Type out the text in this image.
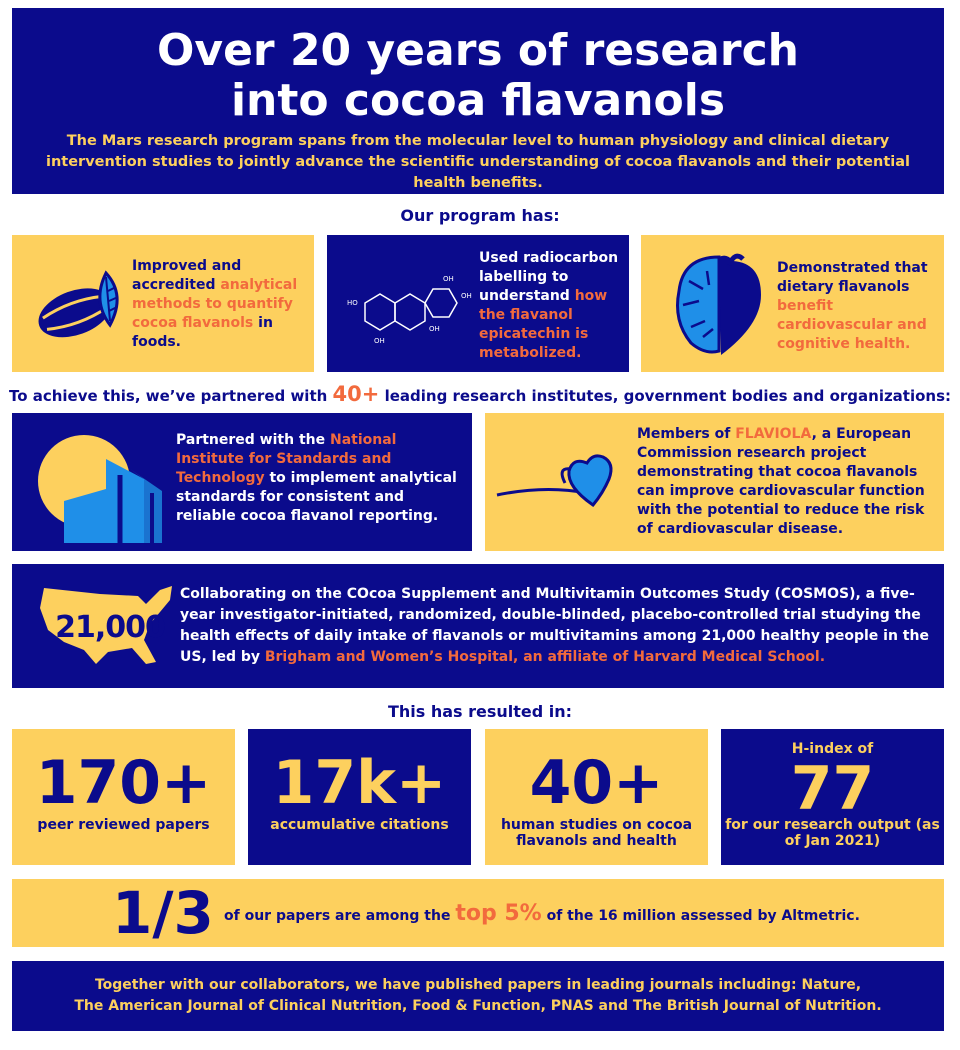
Over 20 years of research
into cocoa flavanols
The Mars research program spans from the molecular level to human physiology and clinical dietary intervention studies to jointly advance the scientific understanding of cocoa flavanols and their potential health benefits.
Our program has:
Improved and accredited analytical methods to quantify cocoa flavanols in foods.
HO
OH
OH
OH
OH
Used radiocarbon labelling to understand how the flavanol epicatechin is metabolized.
Demonstrated that dietary flavanols benefit cardiovascular and cognitive health.
To achieve this, we’ve partnered with 40+ leading research institutes, government bodies and organizations:
Partnered with the National Institute for Standards and Technology to implement analytical standards for consistent and reliable cocoa flavanol reporting.
Members of FLAVIOLA, a European Commission research project demonstrating that cocoa flavanols can improve cardiovascular function with the potential to reduce the risk of cardiovascular disease.
21,000
Collaborating on the COcoa Supplement and Multivitamin Outcomes Study (COSMOS), a five-year investigator-initiated, randomized, double-blinded, placebo-controlled trial studying the health effects of daily intake of flavanols or multivitamins among 21,000 healthy people in the US, led by Brigham and Women’s Hospital, an affiliate of Harvard Medical School.
This has resulted in:
170+
peer reviewed papers
17k+
accumulative citations
40+
human studies on cocoa flavanols and health
H-index of
77
for our research output (as of Jan 2021)
1/3 of our papers are among the top 5% of the 16 million assessed by Altmetric.
Together with our collaborators, we have published papers in leading journals including: Nature,
The American Journal of Clinical Nutrition, Food & Function, PNAS and The British Journal of Nutrition.
